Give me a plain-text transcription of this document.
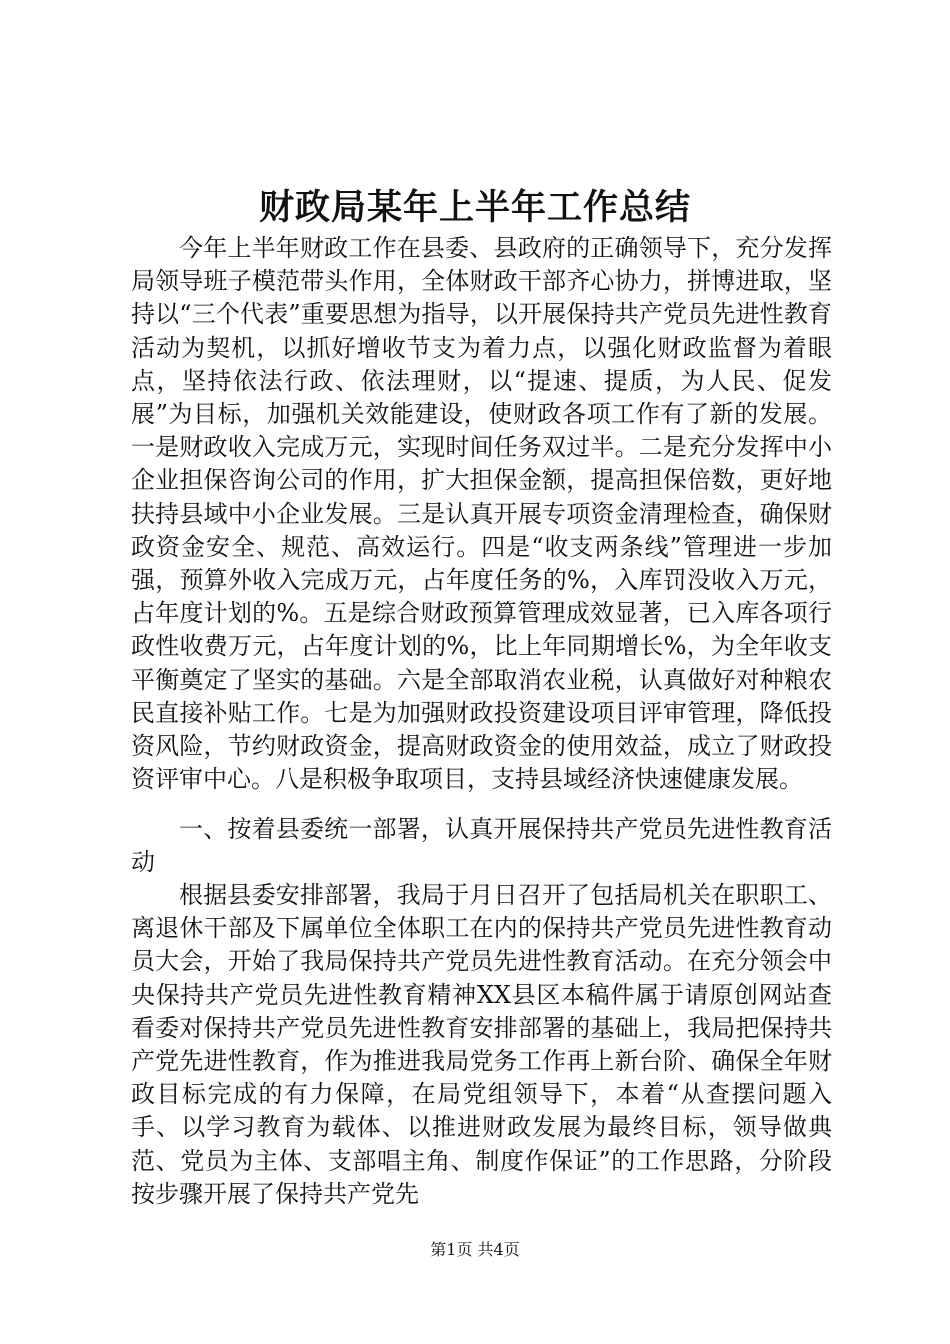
财政局某年上半年工作总结

今年上半年财政工作在县委、县政府的正确领导下，充分发挥局领导班子模范带头作用，全体财政干部齐心协力，拼博进取，坚持以“三个代表”重要思想为指导，以开展保持共产党员先进性教育活动为契机，以抓好增收节支为着力点，以强化财政监督为着眼点，坚持依法行政、依法理财，以“提速、提质，为人民、促发展”为目标，加强机关效能建设，使财政各项工作有了新的发展。一是财政收入完成万元，实现时间任务双过半。二是充分发挥中小企业担保咨询公司的作用，扩大担保金额，提高担保倍数，更好地扶持县域中小企业发展。三是认真开展专项资金清理检查，确保财政资金安全、规范、高效运行。四是“收支两条线”管理进一步加强，预算外收入完成万元，占年度任务的%，入库罚没收入万元，占年度计划的%。五是综合财政预算管理成效显著，已入库各项行政性收费万元，占年度计划的%，比上年同期增长%，为全年收支平衡奠定了坚实的基础。六是全部取消农业税，认真做好对种粮农民直接补贴工作。七是为加强财政投资建设项目评审管理，降低投资风险，节约财政资金，提高财政资金的使用效益，成立了财政投资评审中心。八是积极争取项目，支持县域经济快速健康发展。

一、按着县委统一部署，认真开展保持共产党员先进性教育活动

根据县委安排部署，我局于月日召开了包括局机关在职职工、离退休干部及下属单位全体职工在内的保持共产党员先进性教育动员大会，开始了我局保持共产党员先进性教育活动。在充分领会中央保持共产党员先进性教育精神XX县区本稿件属于请原创网站查看委对保持共产党员先进性教育安排部署的基础上，我局把保持共产党先进性教育，作为推进我局党务工作再上新台阶、确保全年财政目标完成的有力保障，在局党组领导下，本着“从查摆问题入手、以学习教育为载体、以推进财政发展为最终目标，领导做典范、党员为主体、支部唱主角、制度作保证”的工作思路，分阶段按步骤开展了保持共产党先

第1页 共4页
